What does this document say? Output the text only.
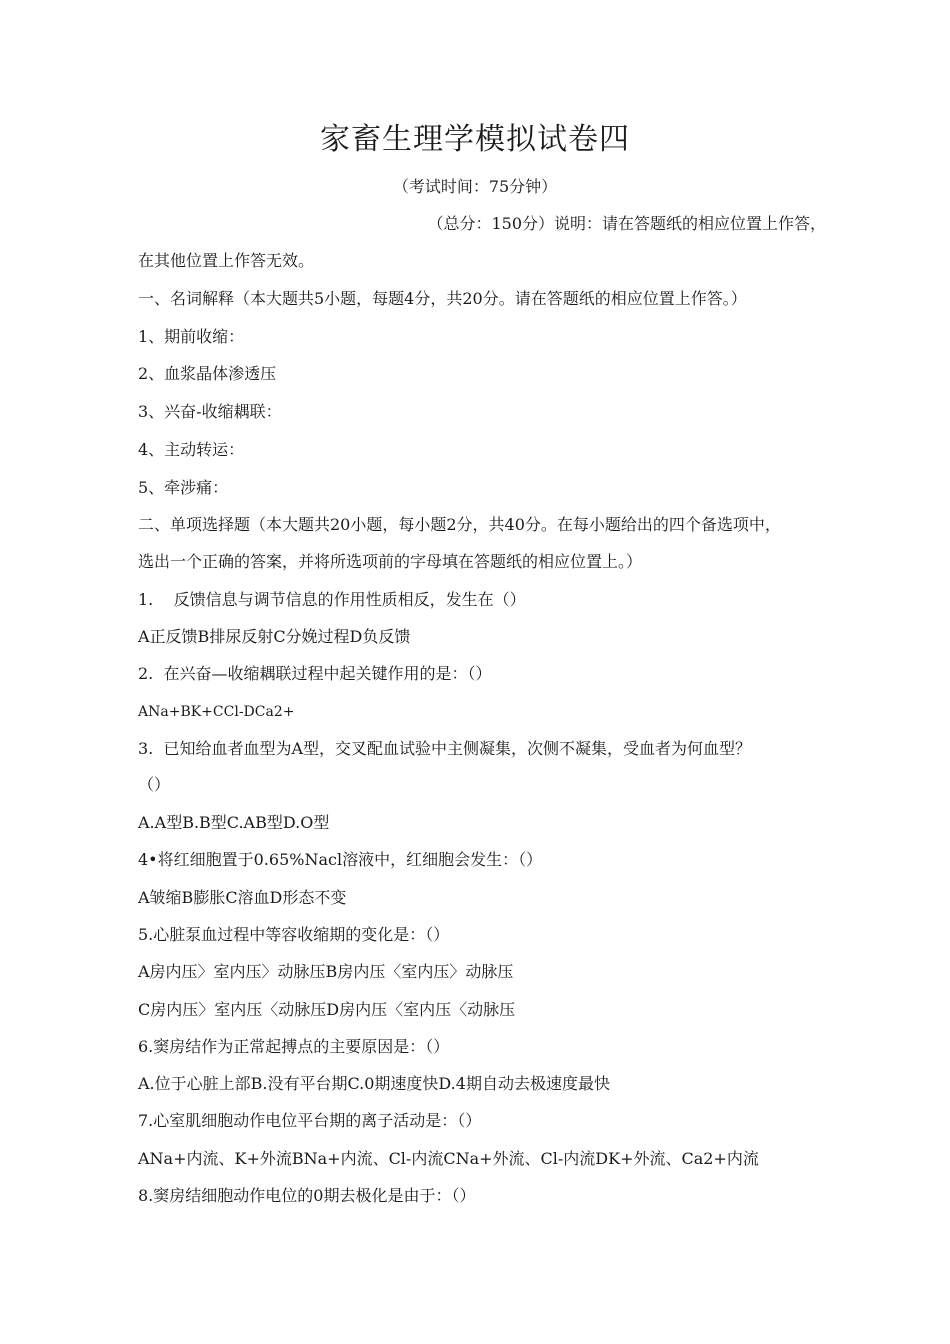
家畜生理学模拟试卷四
（考试时间：75分钟）
（总分：150分）说明：请在答题纸的相应位置上作答，
在其他位置上作答无效。
一、名词解释（本大题共5小题，每题4分，共20分。请在答题纸的相应位置上作答。）
1、期前收缩：
2、血浆晶体渗透压
3、兴奋-收缩耦联：
4、主动转运：
5、牵涉痛：
二、单项选择题（本大题共20小题，每小题2分，共40分。在每小题给出的四个备选项中，
选出一个正确的答案，并将所选项前的字母填在答题纸的相应位置上。）
1.    反馈信息与调节信息的作用性质相反，发生在（）
A正反馈B排尿反射C分娩过程D负反馈
2.  在兴奋—收缩耦联过程中起关键作用的是：（）
ANa+BK+CCl-DCa2+
3.  已知给血者血型为A型，交叉配血试验中主侧凝集，次侧不凝集，受血者为何血型？
（）
A.A型B.B型C.AB型D.O型
4•将红细胞置于0.65%Nacl溶液中，红细胞会发生：（）
A皱缩B膨胀C溶血D形态不变
5.心脏泵血过程中等容收缩期的变化是：（）
A房内压〉室内压〉动脉压B房内压〈室内压〉动脉压
C房内压〉室内压〈动脉压D房内压〈室内压〈动脉压
6.窦房结作为正常起搏点的主要原因是：（）
A.位于心脏上部B.没有平台期C.0期速度快D.4期自动去极速度最快
7.心室肌细胞动作电位平台期的离子活动是：（）
ANa+内流、K+外流BNa+内流、Cl-内流CNa+外流、Cl-内流DK+外流、Ca2+内流
8.窦房结细胞动作电位的0期去极化是由于：（）
